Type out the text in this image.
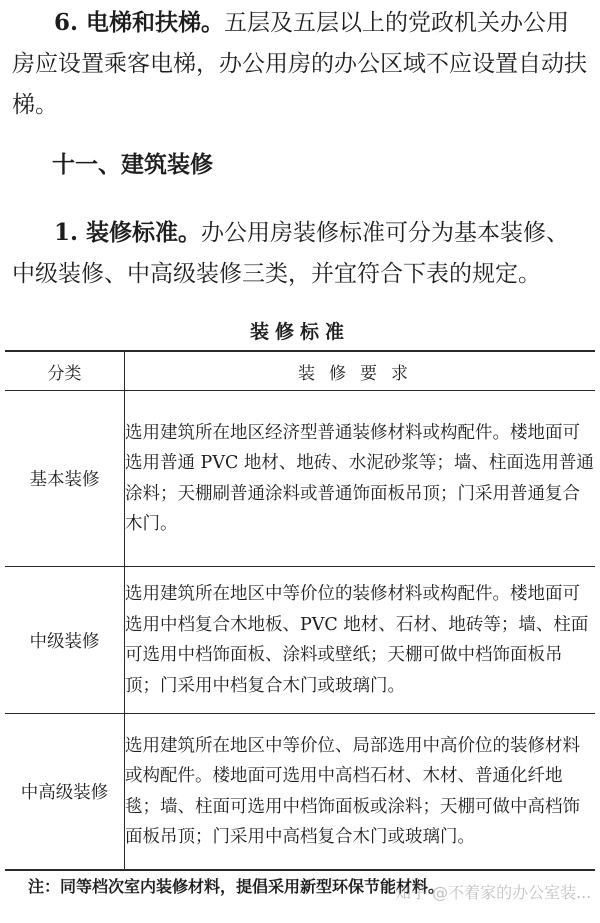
6. 电梯和扶梯。五层及五层以上的党政机关办公用房应设置乘客电梯，办公用房的办公区域不应设置自动扶梯。

十一、建筑装修

1. 装修标准。办公用房装修标准可分为基本装修、中级装修、中高级装修三类，并宜符合下表的规定。

装修标准
分类	装修要求
基本装修	选用建筑所在地区经济型普通装修材料或构配件。楼地面可选用普通 PVC 地材、地砖、水泥砂浆等；墙、柱面选用普通涂料；天棚刷普通涂料或普通饰面板吊顶；门采用普通复合木门。
中级装修	选用建筑所在地区中等价位的装修材料或构配件。楼地面可选用中档复合木地板、PVC 地材、石材、地砖等；墙、柱面可选用中档饰面板、涂料或壁纸；天棚可做中档饰面板吊顶；门采用中档复合木门或玻璃门。
中高级装修	选用建筑所在地区中等价位、局部选用中高价位的装修材料或构配件。楼地面可选用中高档石材、木材、普通化纤地毯；墙、柱面可选用中档饰面板或涂料；天棚可做中高档饰面板吊顶；门采用中高档复合木门或玻璃门。
注：同等档次室内装修材料，提倡采用新型环保节能材料。
知乎 @不着家的办公室装...
